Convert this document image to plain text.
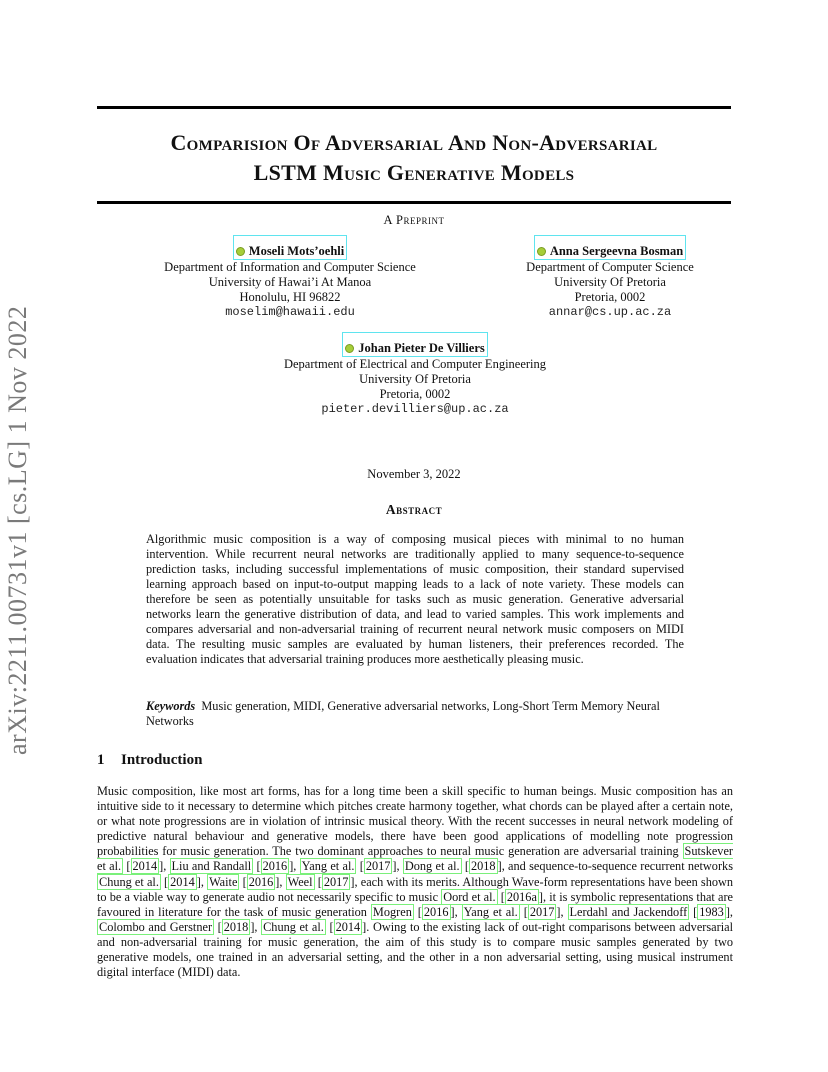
arXiv:2211.00731v1 [cs.LG] 1 Nov 2022
Comparision Of Adversarial And Non-Adversarial
LSTM Music Generative Models
A Preprint
Moseli Mots’oehli
Department of Information and Computer Science
University of Hawai’i At Manoa
Honolulu, HI 96822
moselim@hawaii.edu
Anna Sergeevna Bosman
Department of Computer Science
University Of Pretoria
Pretoria, 0002
annar@cs.up.ac.za
Johan Pieter De Villiers
Department of Electrical and Computer Engineering
University Of Pretoria
Pretoria, 0002
pieter.devilliers@up.ac.za
November 3, 2022
Abstract

Algorithmic music composition is a way of composing musical pieces with minimal to no human intervention. While recurrent neural networks are traditionally applied to many sequence-to-sequence prediction tasks, including successful implementations of music composition, their standard supervised learning approach based on input-to-output mapping leads to a lack of note variety. These models can therefore be seen as potentially unsuitable for tasks such as music generation. Generative adversarial networks learn the generative distribution of data, and lead to varied samples. This work implements and compares adversarial and non-adversarial training of recurrent neural network music composers on MIDI data. The resulting music samples are evaluated by human listeners, their preferences recorded. The evaluation indicates that adversarial training produces more aesthetically pleasing music.

Keywords Music generation, MIDI, Generative adversarial networks, Long-Short Term Memory Neural Networks

1 Introduction

Music composition, like most art forms, has for a long time been a skill specific to human beings. Music composition has an intuitive side to it necessary to determine which pitches create harmony together, what chords can be played after a certain note, or what note progressions are in violation of intrinsic musical theory. With the recent successes in neural network modeling of predictive natural behaviour and generative models, there have been good applications of modelling note progression probabilities for music generation. The two dominant approaches to neural music generation are adversarial training Sutskever et al. [ 2014 ], Liu and Randall [ 2016 ], Yang et al. [ 2017 ], Dong et al. [ 2018 ], and sequence-to-sequence recurrent networks Chung et al. [ 2014 ], Waite [ 2016 ], Weel [ 2017 ], each with its merits. Although Wave-form representations have been shown to be a viable way to generate audio not necessarily specific to music Oord et al. [ 2016a ], it is symbolic representations that are favoured in literature for the task of music generation Mogren [ 2016 ], Yang et al. [ 2017 ], Lerdahl and Jackendoff [ 1983 ], Colombo and Gerstner [ 2018 ], Chung et al. [ 2014 ]. Owing to the existing lack of out-right comparisons between adversarial and non-adversarial training for music generation, the aim of this study is to compare music samples generated by two generative models, one trained in an adversarial setting, and the other in a non adversarial setting, using musical instrument digital interface (MIDI) data.
